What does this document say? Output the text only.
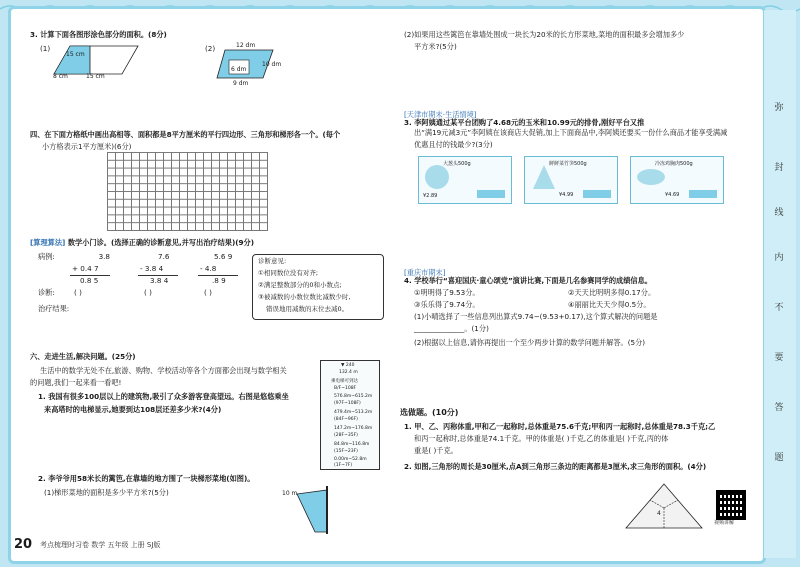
弥
封
线
内
不
要
答
题
3. 计算下面各图形涂色部分的面积。(8分)
(1)
15 cm
8 cm	15 cm
(2)	12 dm
6 dm
10 dm
9 dm
四、在下面方格纸中画出高相等、面积都是8平方厘米的平行四边形、三角形和梯形各一个。(每个
小方格表示1平方厘米)(6分)
[算理算法] 数学小门诊。(选择正确的诊断意见,并写出治疗结果)(9分)
病例:	3.8
+ 0.4 7
0.8 5
7.6
- 3.8 4
3.8 4
5.6 9
- 4.8
.8 9
诊断:	( )	( )	( )
治疗结果:
诊断意见:
①相同数位没有对齐;
②满足整数部分的0和小数点;
③被减数的小数位数比减数少时,
错误地用减数的末位去减0。
六、走进生活,解决问题。(25分)
生活中的数学无处不在,旅游、购物、学校活动等各个方面都会出现与数学相关
的问题,我们一起来看一看吧!
1. 我国有很多100层以上的建筑物,吸引了众多游客登高望远。右图是悠悠乘坐
来高塔时的电梯显示,她要到达108层还差多少米?(4分)
▼ 240
132.4 m
乘电梯可到达
B/F~108F
576.8m~615.2m
(97F~108F)
479.4m~513.2m
(84F~96F)
147.2m~176.8m
(28F~35F)
84.8m~116.8m
(15F~23F)
0.00m~52.8m
(1F~7F)
2. 李爷爷用58米长的篱笆,在靠墙的地方围了一块梯形菜地(如图)。
(1)梯形菜地的面积是多少平方米?(5分)	10 m
20 考点梳理时习卷 数学 五年级 上册 SJ版
(2)如果用这些篱笆在靠墙处围成一块长为20米的长方形菜地,菜地的面积最多会增加多少
平方米?(5分)
[天津市期末·生活情境]
3. 李阿姨通过某平台团购了4.68元的玉米和10.99元的排骨,刚好平台又推
出“满19元减3元”李阿姨在该商店大促销,加上下面商品中,李阿姨还要买一份什么商品才能享受满减
优惠且付的钱最少?(3分)
大葱头500g
¥2.89
鲜鲜菜竹笋500g
¥4.99
冷冻鸡胸肉500g
¥4.69
[重庆市期末]
4. 学校举行“喜迎国庆·童心颂党”演讲比赛,下面是几名参赛同学的成绩信息。
①明明得了9.53分。	②天天比明明多得0.17分。
③乐乐得了9.74分。	④丽丽比天天少得0.5分。
(1)小晴选择了一些信息列出算式9.74−(9.53+0.17),这个算式解决的问题是
______________。(1分)
(2)根据以上信息,请你再提出一个至少两步计算的数学问题并解答。(5分)
选做题。(10分)
1. 甲、乙、丙称体重,甲和乙一起称时,总体重是75.6千克;甲和丙一起称时,总体重是78.3千克;乙
和丙一起称时,总体重是74.1千克。甲的体重是( )千克,乙的体重是( )千克,丙的体
重是( )千克。
2. 如图,三角形的周长是30厘米,点A到三角形三条边的距离都是3厘米,求三角形的面积。(4分)
4
视频讲解
